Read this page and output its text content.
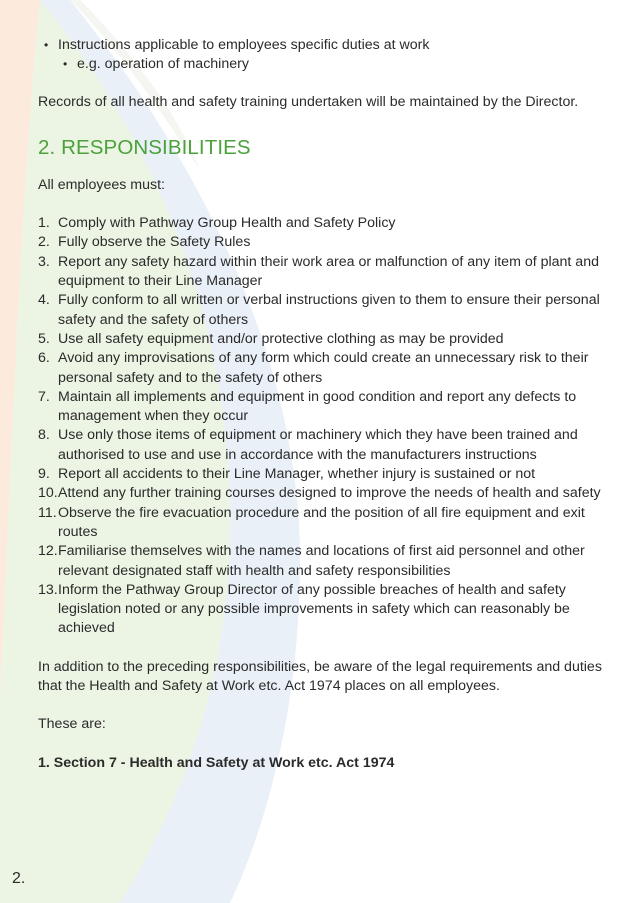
• Instructions applicable to employees specific duties at work
• e.g. operation of machinery

Records of all health and safety training undertaken will be maintained by the Director.

2. RESPONSIBILITIES

All employees must:

1. Comply with Pathway Group Health and Safety Policy
2. Fully observe the Safety Rules
3. Report any safety hazard within their work area or malfunction of any item of plant and equipment to their Line Manager
4. Fully conform to all written or verbal instructions given to them to ensure their personal safety and the safety of others
5. Use all safety equipment and/or protective clothing as may be provided
6. Avoid any improvisations of any form which could create an unnecessary risk to their personal safety and to the safety of others
7. Maintain all implements and equipment in good condition and report any defects to management when they occur
8. Use only those items of equipment or machinery which they have been trained and authorised to use and use in accordance with the manufacturers instructions
9. Report all accidents to their Line Manager, whether injury is sustained or not
10. Attend any further training courses designed to improve the needs of health and safety
11. Observe the fire evacuation procedure and the position of all fire equipment and exit routes
12. Familiarise themselves with the names and locations of first aid personnel and other relevant designated staff with health and safety responsibilities
13. Inform the Pathway Group Director of any possible breaches of health and safety legislation noted or any possible improvements in safety which can reasonably be achieved

In addition to the preceding responsibilities, be aware of the legal requirements and duties that the Health and Safety at Work etc. Act 1974 places on all employees.

These are:

1. Section 7 - Health and Safety at Work etc. Act 1974

2.
